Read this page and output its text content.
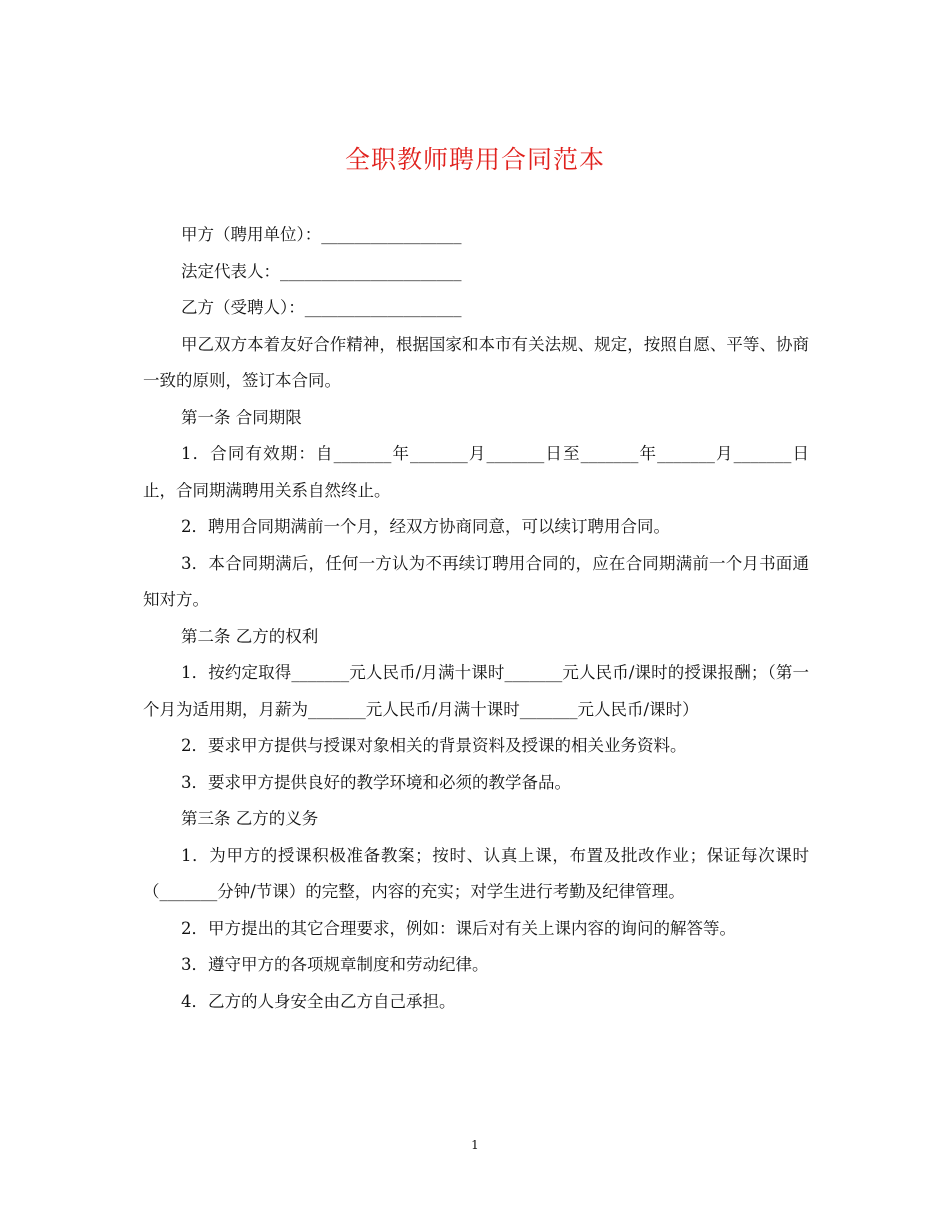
全职教师聘用合同范本

甲方（聘用单位）：_________________

法定代表人：______________________

乙方（受聘人）：___________________

甲乙双方本着友好合作精神，根据国家和本市有关法规、规定，按照自愿、平等、协商一致的原则，签订本合同。

第一条 合同期限

1．合同有效期：自_______年_______月_______日至_______年_______月_______日止，合同期满聘用关系自然终止。

2．聘用合同期满前一个月，经双方协商同意，可以续订聘用合同。

3．本合同期满后，任何一方认为不再续订聘用合同的，应在合同期满前一个月书面通知对方。

第二条 乙方的权利

1．按约定取得_______元人民币/月满十课时_______元人民币/课时的授课报酬；（第一个月为适用期，月薪为_______元人民币/月满十课时_______元人民币/课时）

2．要求甲方提供与授课对象相关的背景资料及授课的相关业务资料。

3．要求甲方提供良好的教学环境和必须的教学备品。

第三条 乙方的义务

1．为甲方的授课积极准备教案；按时、认真上课，布置及批改作业；保证每次课时（_______分钟/节课）的完整，内容的充实；对学生进行考勤及纪律管理。

2．甲方提出的其它合理要求，例如：课后对有关上课内容的询问的解答等。

3．遵守甲方的各项规章制度和劳动纪律。

4．乙方的人身安全由乙方自己承担。

1
